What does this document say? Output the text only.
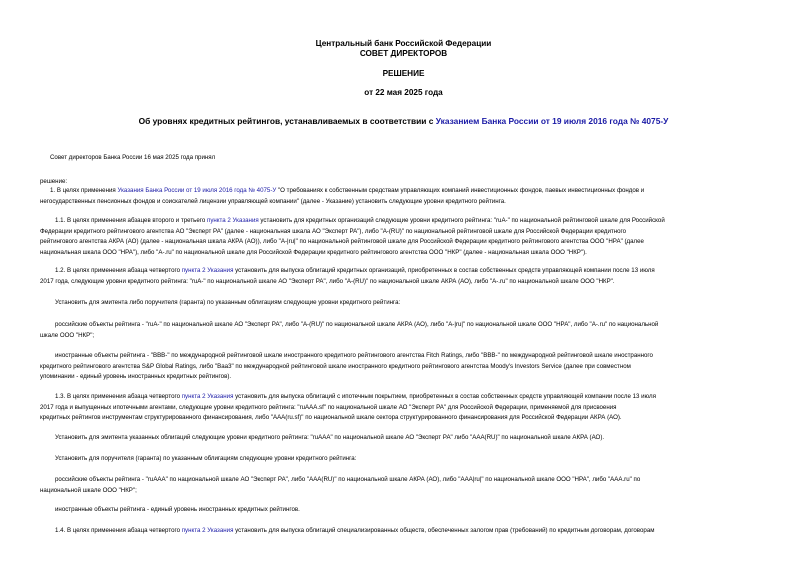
Центральный банк Российской Федерации
СОВЕТ ДИРЕКТОРОВ
РЕШЕНИЕ
от 22 мая 2025 года
Об уровнях кредитных рейтингов, устанавливаемых в соответствии с Указанием Банка России от 19 июля 2016 года № 4075-У
Совет директоров Банка России 16 мая 2025 года принял
решение:
1. В целях применения Указания Банка России от 19 июля 2016 года № 4075-У "О требованиях к собственным средствам управляющих компаний инвестиционных фондов, паевых инвестиционных фондов и
негосударственных пенсионных фондов и соискателей лицензии управляющей компании" (далее - Указание) установить следующие уровни кредитного рейтинга.
1.1. В целях применения абзацев второго и третьего пункта 2 Указания установить для кредитных организаций следующие уровни кредитного рейтинга: "ruA-" по национальной рейтинговой шкале для Российской
Федерации кредитного рейтингового агентства АО "Эксперт РА" (далее - национальная шкала АО "Эксперт РА"), либо "A-(RU)" по национальной рейтинговой шкале для Российской Федерации кредитного
рейтингового агентства АКРА (АО) (далее - национальная шкала АКРА (АО)), либо "A-|ru|" по национальной рейтинговой шкале для Российской Федерации кредитного рейтингового агентства ООО "НРА" (далее
национальная шкала ООО "НРА"), либо "A-.ru" по национальной шкале для Российской Федерации кредитного рейтингового агентства ООО "НКР" (далее - национальная шкала ООО "НКР").
1.2. В целях применения абзаца четвертого пункта 2 Указания установить для выпуска облигаций кредитных организаций, приобретенных в состав собственных средств управляющей компании после 13 июля
2017 года, следующие уровни кредитного рейтинга: "ruA-" по национальной шкале АО "Эксперт РА", либо "A-(RU)" по национальной шкале АКРА (АО), либо "A-.ru" по национальной шкале ООО "НКР".
Установить для эмитента либо поручителя (гаранта) по указанным облигациям следующие уровни кредитного рейтинга:
российские объекты рейтинга - "ruA-" по национальной шкале АО "Эксперт РА", либо "A-(RU)" по национальной шкале АКРА (АО), либо "A-|ru|" по национальной шкале ООО "НРА", либо "A-.ru" по национальной
шкале ООО "НКР";
иностранные объекты рейтинга - "BBB-" по международной рейтинговой шкале иностранного кредитного рейтингового агентства Fitch Ratings, либо "BBB-" по международной рейтинговой шкале иностранного
кредитного рейтингового агентства S&P Global Ratings, либо "Baa3" по международной рейтинговой шкале иностранного кредитного рейтингового агентства Moody's Investors Service (далее при совместном
упоминании - единый уровень иностранных кредитных рейтингов).
1.3. В целях применения абзаца четвертого пункта 2 Указания установить для выпуска облигаций с ипотечным покрытием, приобретенных в состав собственных средств управляющей компании после 13 июля
2017 года и выпущенных ипотечными агентами, следующие уровни кредитного рейтинга: "ruAAA.sf" по национальной шкале АО "Эксперт РА" для Российской Федерации, применяемой для присвоения
кредитных рейтингов инструментам структурированного финансирования, либо "AAA(ru.sf)" по национальной шкале сектора структурированного финансирования для Российской Федерации АКРА (АО).
Установить для эмитента указанных облигаций следующие уровни кредитного рейтинга: "ruAAA" по национальной шкале АО "Эксперт РА" либо "AAA(RU)" по национальной шкале АКРА (АО).
Установить для поручителя (гаранта) по указанным облигациям следующие уровни кредитного рейтинга:
российские объекты рейтинга - "ruAAA" по национальной шкале АО "Эксперт РА", либо "AAA(RU)" по национальной шкале АКРА (АО), либо "AAA|ru|" по национальной шкале ООО "НРА", либо "AAA.ru" по
национальной шкале ООО "НКР";
иностранные объекты рейтинга - единый уровень иностранных кредитных рейтингов.
1.4. В целях применения абзаца четвертого пункта 2 Указания установить для выпуска облигаций специализированных обществ, обеспеченных залогом прав (требований) по кредитным договорам, договорам
